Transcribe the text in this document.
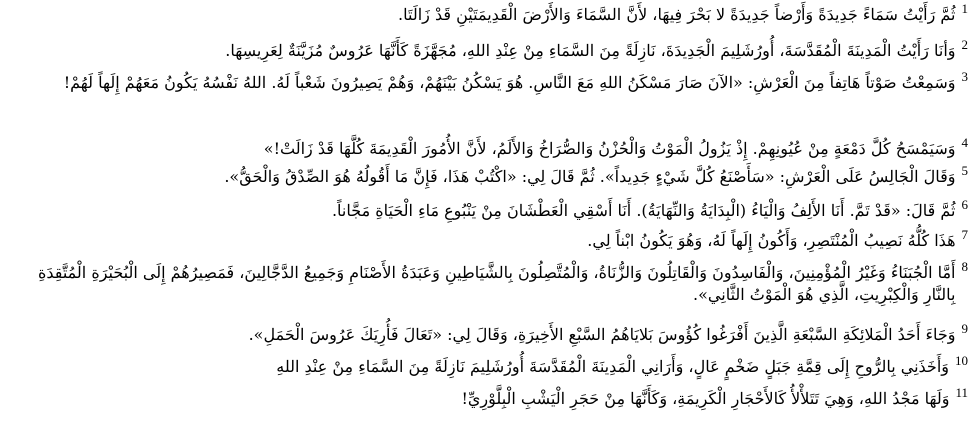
1
ثُمَّ رَأَيْتُ سَمَاءً جَدِيدَةً وَأَرْضاً جَدِيدَةً لا بَحْرَ فِيهَا، لأَنَّ السَّمَاءَ وَالأَرْضَ الْقَدِيمَتَيْنِ قَدْ زَالَتَا.
2
وَأنَا رَأَيْتُ الْمَدِينَةَ الْمُقَدَّسَةَ، أُورُشَلِيمَ الْجَدِيدَةَ، نَازِلَةً مِنَ السَّمَاءِ مِنْ عِنْدِ اللهِ، مُجَهَّزَةً كَأَنَّهَا عَرُوسٌ مُزَيَّنَةٌ لِعَرِيسِهَا.
3
وَسَمِعْتُ صَوْتاً هَاتِفاً مِنَ الْعَرْشِ: «الآنَ صَارَ مَسْكَنُ اللهِ مَعَ النَّاسِ. هُوَ يَسْكُنُ بَيْنَهُمْ، وَهُمْ يَصِيرُونَ شَعْباً لَهُ. اللهُ نَفْسُهُ يَكُونُ مَعَهُمْ إِلَهاً لَهُمْ!
4
وَسَيَمْسَحُ كُلَّ دَمْعَةٍ مِنْ عُيُونِهِمْ. إِذْ يَزُولُ الْمَوْتُ وَالْحُزْنُ وَالصُّرَاخُ وَالأَلَمُ، لأَنَّ الأُمُورَ الْقَدِيمَةَ كُلَّهَا قَدْ زَالَتْ!»
5
وَقَالَ الْجَالِسُ عَلَى الْعَرْشِ: «سَأَصْنَعُ كُلَّ شَيْءٍ جَدِيداً». ثُمَّ قَالَ لِي: «اكْتُبْ هَذَا، فَإِنَّ مَا أَقُولُهُ هُوَ الصِّدْقُ وَالْحَقُّ».
6
ثُمَّ قَالَ: «قَدْ تَمَّ. أَنَا الأَلِفُ وَالْيَاءُ (الْبِدَايَةُ وَالنِّهَايَةُ). أَنَا أَسْقِي الْعَطْشَانَ مِنْ يَنْبُوعِ مَاءِ الْحَيَاةِ مَجَّاناً.
7
هَذَا كُلُّهُ نَصِيبُ الْمُنْتَصِرِ، وَأَكُونُ إِلَهاً لَهُ، وَهُوَ يَكُونُ ابْناً لِي.
8
أَمَّا الْجُبَنَاءُ وَغَيْرُ الْمُؤْمِنِينَ، وَالْفَاسِدُونَ وَالْقَاتِلُونَ وَالزُّنَاةُ، وَالْمُتَّصِلُونَ بِالشَّيَاطِينِ وَعَبَدَةُ الأَصْنَامِ وَجَمِيعُ الدَّجَّالِينَ، فَمَصِيرُهُمْ إِلَى الْبُحَيْرَةِ الْمُتَّقِدَةِ بِالنَّارِ وَالْكِبْرِيتِ، الَّذِي هُوَ الْمَوْتُ الثَّانِي».
9
وَجَاءَ أَحَدُ الْمَلائِكَةِ السَّبْعَةِ الَّذِينَ أَفْرَغُوا كُؤُوسَ بَلايَاهُمُ السَّبْعِ الأَخِيرَةِ، وَقَالَ لِي: «تَعَالَ فَأُرِيَكَ عَرُوسَ الْحَمَلِ».
10
وَأَخَذَنِي بِالرُّوحِ إِلَى قِمَّةِ جَبَلٍ ضَخْمٍ عَالٍ، وَأَرَانِي الْمَدِينَةَ الْمُقَدَّسَةَ أُورُشَلِيمَ نَازِلَةً مِنَ السَّمَاءِ مِنْ عِنْدِ اللهِ
11
وَلَهَا مَجْدُ اللهِ، وَهِيَ تَتَلأْلأُ كَالأَحْجَارِ الْكَرِيمَةِ، وَكَأَنَّهَا مِنْ حَجَرِ الْيَشْبِ الْبِلَّوْرِيِّ!
